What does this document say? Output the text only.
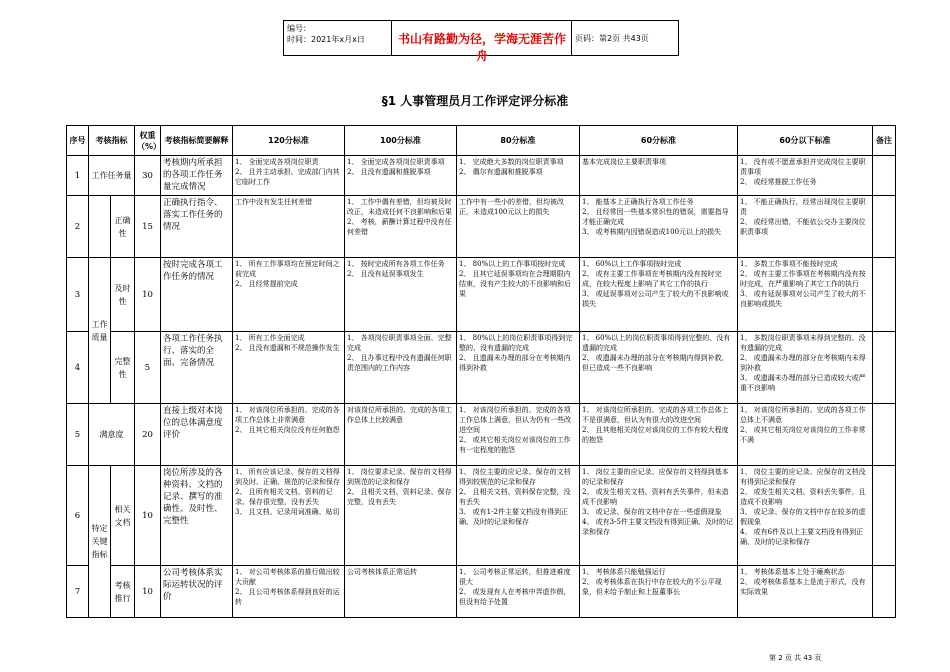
编号：
时间：2021年x月x日	书山有路勤为径，学海无涯苦作舟
页码：第2页 共43页
§1 人事管理员月工作评定评分标准
序号	考核指标		权重（%）	考核指标简要解释	120分标准	100分标准	80分标准	60分标准	60分以下标准	备注
1	工作任务量		30	考核期内所承担的各项工作任务量完成情况	1、 全面完成各项岗位职责
2、 且并主动承担、完成部门内其它临时工作	1、 全面完成各项岗位职责事项
2、 且没有遗漏和推脱事项	1、 完成绝大多数的岗位职责事项
2、 偶尔有遗漏和推脱事项	基本完成岗位主要职责事项	1、 没有或不愿意承担并完成岗位主要职责事项
2、 或经常推脱工作任务	

2		正确性	15	正确执行指令、落实工作任务的情况	工作中没有发生任何差错	1、 工作中偶有差错，但均被及时改正，未造成任何不良影响和后果
2、 考核，薪酬计算过程中没有任何差错	工作中有一些小的差错，但均被改正，未造成100元以上的损失	1、 能基本上正确执行各项工作任务
2、 且经常因一些基本常识性的错误，需要指导才能正确完成
3、 或考核期内因错误造成100元以上的损失	1、 不能正确执行，经常出现岗位主要职责
2、 或经常出错，不能依公交办主要岗位职责事项	

3	工作质量	及时性	10	按时完成各项工作任务的情况	1、 所有工作事项均在预定时间之前完成
2、 且经常提前完成	1、 按时完成所有各项工作任务
2、 且没有延误事项发生	1、 80%以上的工作事项按时完成
2、 且其它延误事项均在合理期限内结束，没有产生较大的不良影响和后果	1、 60%以上工作事项按时完成
2、 或有主要工作事项在考核期内没有按时完成，在较大程度上影响了其它工作的执行
3、 或延误事项对公司产生了较大的不良影响或损失	1、 多数工作事项不能按时完成
2、 或有主要工作事项在考核期内没有按时完成，在严重影响了其它工作的执行
3、 或有延误事项对公司产生了较大的不良影响或损失	

4		完整性	5	各项工作任务执行、落实的全面、完备情况	1、 所有工作全面完成
2、 且没有遗漏和不规范操作发生	1、 各项岗位职责事项全面、完整完成
2、 且办事过程中没有遗漏任何职责范围内的工作内容	1、 80%以上的岗位职责事项得到完整的、没有遗漏的完成
2、 且遗漏未办理的部分在考核期内得到补救	1、 60%以上的岗位职责事项得到完整的、没有遗漏的完成
2、 或遗漏未办理的部分在考核期内得到补救，但已造成一些不良影响	1、 多数岗位职责事项未得到完整的、没有遗漏的完成
2、 或遗漏未办理的部分在考核期内未得到补救
3、 或遗漏未办理的部分已造成较大或严重不良影响	

5	满意度		20	直接上级对本岗位的总体满意度评价	1、 对该岗位所承担的、完成的各项工作总体上非常满意
2、 且其它相关岗位没有任何抱怨	对该岗位所承担的、完成的各项工作总体上比较满意	1、 对该岗位所承担的、完成的各项工作总体上满意，但认为仍有一些改进空间
2、 或其它相关岗位对该岗位的工作有一定程度的抱怨	1、 对该岗位所承担的、完成的各项工作总体上不是很满意，但认为有很大的改进空间
2、 且其他相关岗位对该岗位的工作有较大程度的抱怨	1、 对该岗位所承担的、完成的各项工作总体上不满意
2、 或其它相关岗位对该岗位的工作非常不满	

6	特定关键指标	相关文档	10	岗位所涉及的各种资料、文档的记录、撰写的准确性、及时性、完整性	1、 所有应该记录、保存的文档得到及时、正确、规范的记录和保存
2、 且所有相关文档、资料的记录、保存很完整，没有丢失
3、 且文档、记录用词准确、贴切	1、 岗位要求记录、保存的文档得到规范的记录和保存
2、 且相关文档、资料记录、保存完整，没有丢失	1、 岗位主要的应记录、保存的文档得到较规范的记录和保存
2、 且相关文档、资料保存完整，没有丢失
3、 或有1-2件主要文档没有得到正确、及时的记录和保存	1、 岗位主要的应记录、应保存的文档得到基本的记录和保存
2、 或发生相关文档、资料有丢失事件，但未造成不良影响
3、 或记录、保存的文档中存在一些虚假现象
4、 或有3-5件主要文档没有得到正确、及时的记录和保存	1、 岗位主要的应记录、应保存的文档没有得到记录和保存
2、 或发生相关文档、资料丢失事件，且造成不良影响
3、 或记录、保存的文档中存在较多的虚假现象
4、 或有6件及以上主要文档没有得到正确、及时的记录和保存	

7		考核推行	10	公司考核体系实际运转状况的评价	1、 对公司考核体系的推行做出较大贡献
2、 且公司考核体系得到良好的运转	公司考核体系正常运转	1、 公司考核正常运转，但推进难度很大
2、 或发现有人在考核中弄虚作假，但没有给予处置	1、 考核体系只能勉强运行
2、 或考核体系在执行中存在较大的不公平现象，但未给予制止和上报董事长	1、 考核体系基本上处于瘫痪状态
2、 或考核体系基本上是流于形式，没有实际效果	

第 2 页 共 43 页
